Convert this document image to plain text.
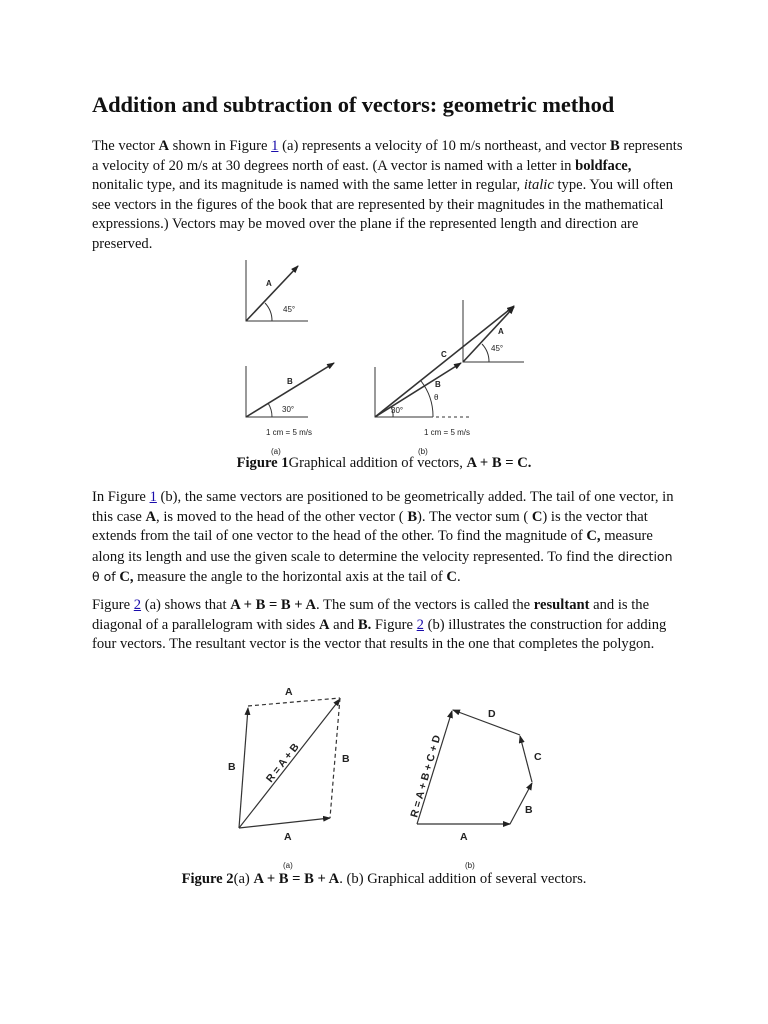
Addition and subtraction of vectors: geometric method

The vector A shown in Figure 1 (a) represents a velocity of 10 m/s northeast, and vector B represents a velocity of 20 m/s at 30 degrees north of east. (A vector is named with a letter in boldface, nonitalic type, and its magnitude is named with the same letter in regular, italic type. You will often see vectors in the figures of the book that are represented by their magnitudes in the mathematical expressions.) Vectors may be moved over the plane if the represented length and direction are preserved.

A
45°
B
30°
1 cm = 5 m/s
(a)
C
B
θ
30°
A
45°
1 cm = 5 m/s
(b)
Figure 1Graphical addition of vectors, A + B = C.

In Figure 1 (b), the same vectors are positioned to be geometrically added. The tail of one vector, in this case A, is moved to the head of the other vector ( B). The vector sum ( C) is the vector that extends from the tail of one vector to the head of the other. To find the magnitude of C, measure along its length and use the given scale to determine the velocity represented. To find the direction θ of C, measure the angle to the horizontal axis at the tail of C.

Figure 2 (a) shows that A + B = B + A. The sum of the vectors is called the resultant and is the diagonal of a parallelogram with sides A and B. Figure 2 (b) illustrates the construction for adding four vectors. The resultant vector is the vector that results in the one that completes the polygon.

A
B
B
A
R = A + B
D
C
B
A
R = A + B + C + D
(a)	(b)
Figure 2(a) A + B = B + A. (b) Graphical addition of several vectors.
